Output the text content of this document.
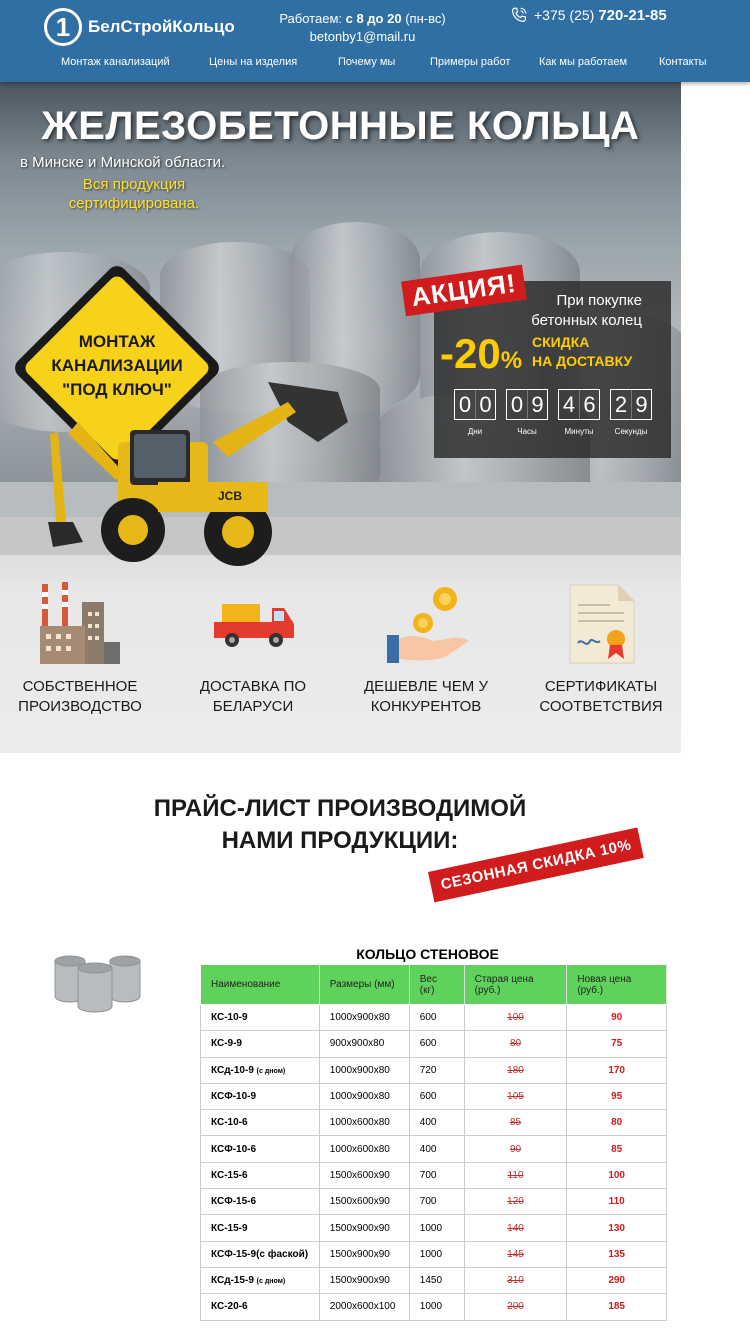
1	БелСтройКольцо	Работаем: с 8 до 20 (пн-вс)
betonby1@mail.ru
+375 (25) 720-21-85
Монтаж канализаций	Цены на изделия	Почему мы	Примеры работ	Как мы работаем	Контакты
ЖЕЛЕЗОБЕТОННЫЕ КОЛЬЦА
в Минске и Минской области.
Вся продукция сертифицирована.
АКЦИЯ!	При покупке бетонных колец
-20%
СКИДКА
НА ДОСТАВКУ
0 0
Дни
0 9
Часы
4 6
Минуты
2 9
Секунды
МОНТАЖ КАНАЛИЗАЦИИ "ПОД КЛЮЧ"
JCB
СОБСТВЕННОЕ
ПРОИЗВОДСТВО
ДОСТАВКА ПО
БЕЛАРУСИ
ДЕШЕВЛЕ ЧЕМ У
КОНКУРЕНТОВ
СЕРТИФИКАТЫ
СООТВЕТСТВИЯ
ПРАЙС-ЛИСТ ПРОИЗВОДИМОЙ
НАМИ ПРОДУКЦИИ:
СЕЗОННАЯ СКИДКА 10%
КОЛЬЦО СТЕНОВОЕ
Наименование	Размеры (мм)	Вес (кг)	Старая цена (руб.)	Новая цена (руб.)
КС-10-9	1000х900х80	600	100	90
КС-9-9	900х900х80	600	80	75
КСд-10-9 (с дном)	1000х900х80	720	180	170
КСФ-10-9	1000х900х80	600	105	95
КС-10-6	1000х600х80	400	85	80
КСФ-10-6	1000х600х80	400	90	85
КС-15-6	1500х600х90	700	110	100
КСФ-15-6	1500х600х90	700	120	110
КС-15-9	1500х900х90	1000	140	130
КСФ-15-9(с фаской)	1500х900х90	1000	145	135
КСд-15-9 (с дном)	1500х900х90	1450	310	290
КС-20-6	2000х600х100	1000	200	185
